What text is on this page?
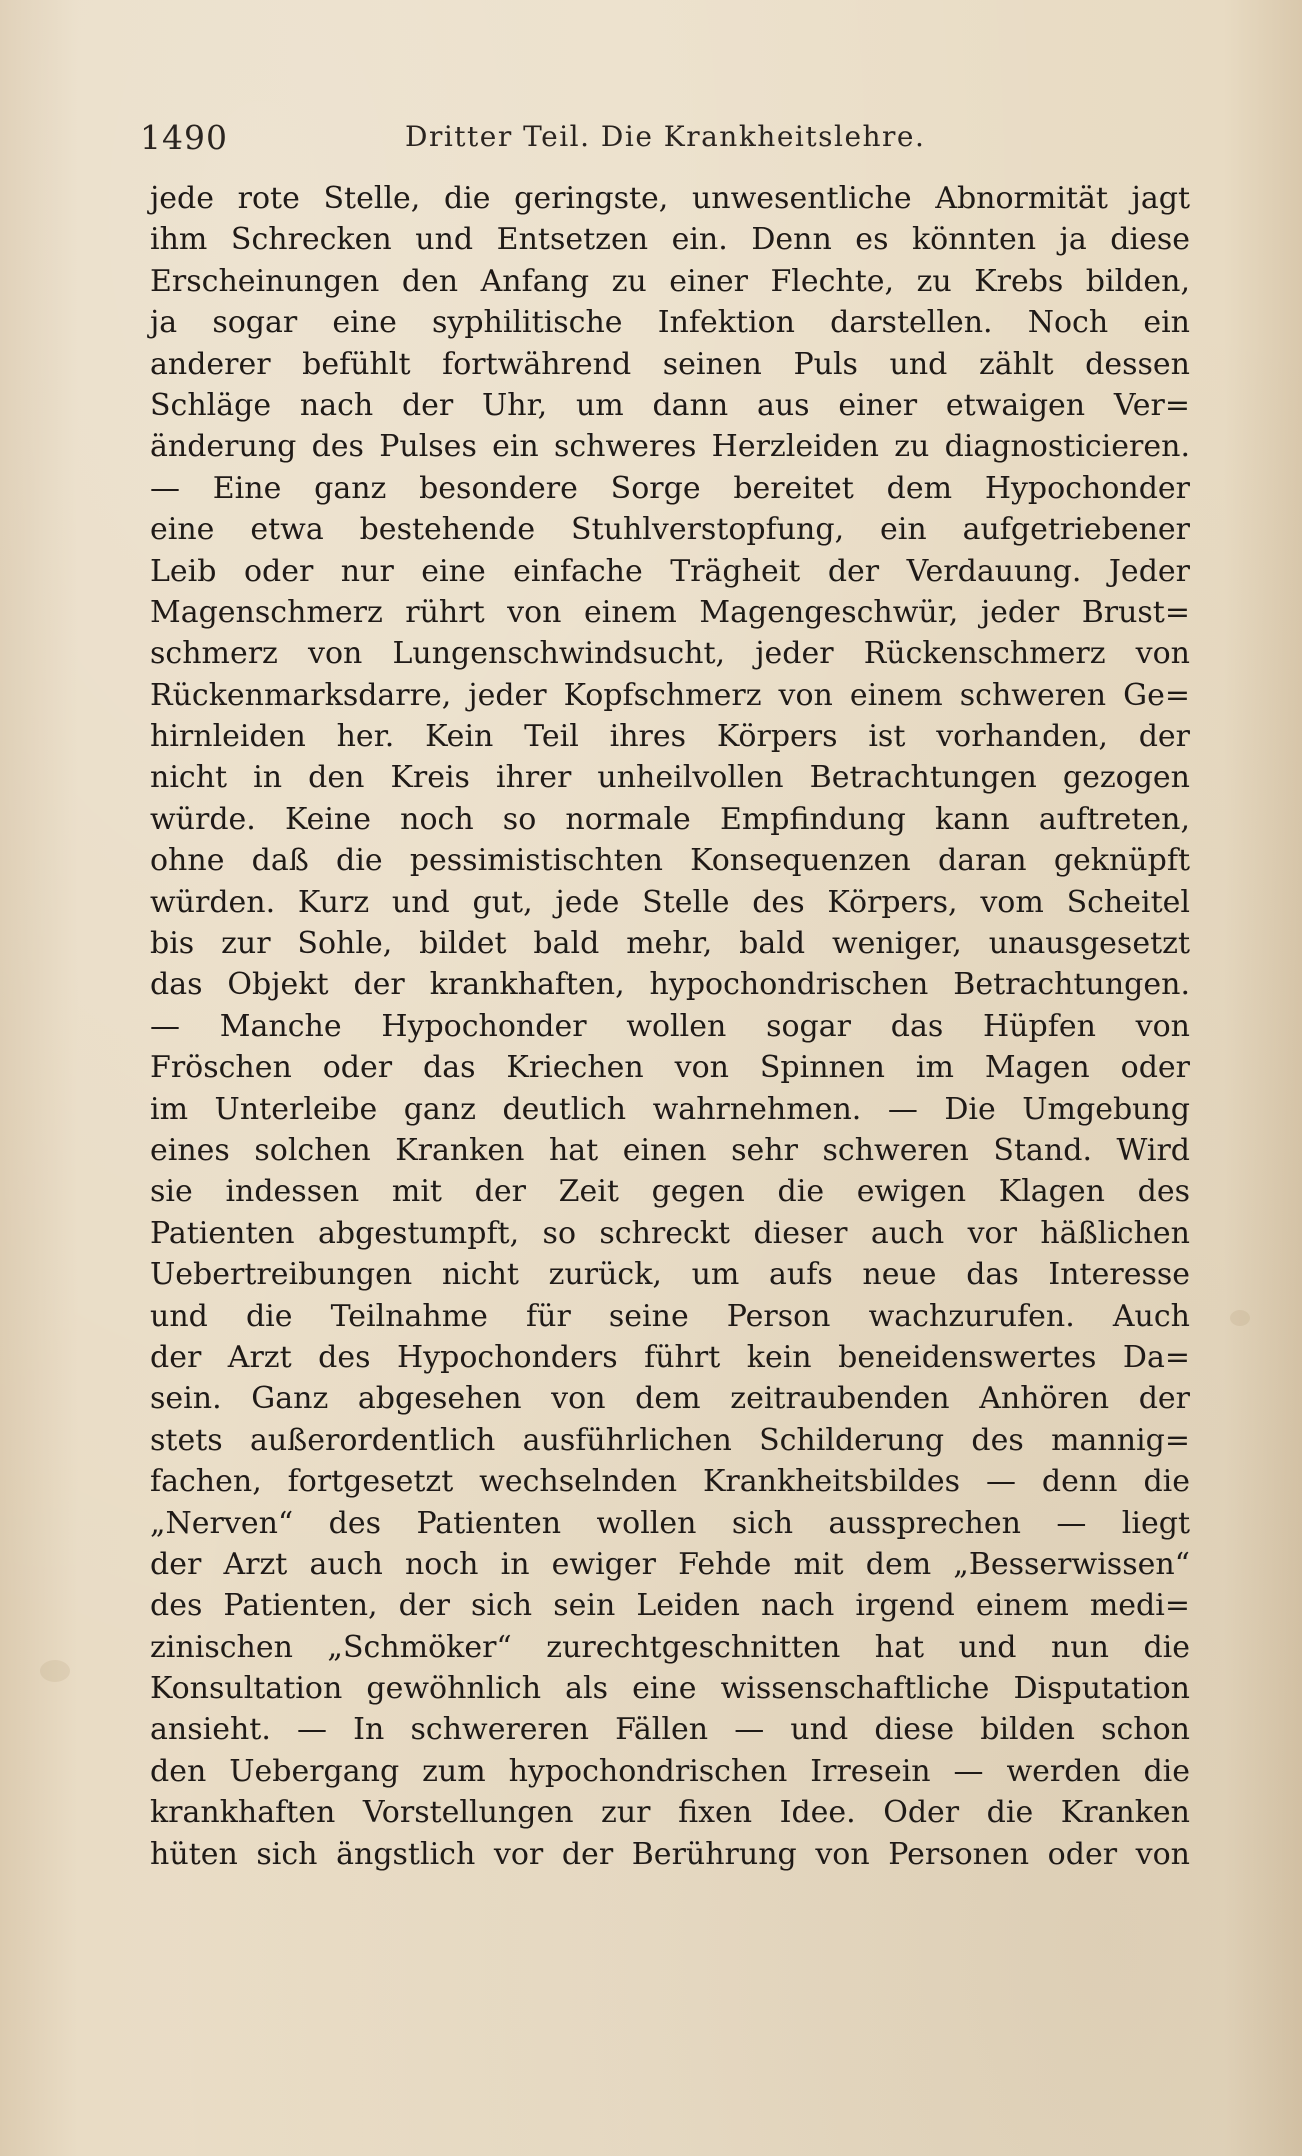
1490	Dritter Teil. Die Krankheitslehre.
jede rote Stelle, die geringste, unwesentliche Abnormität jagt
ihm Schrecken und Entsetzen ein. Denn es könnten ja diese
Erscheinungen den Anfang zu einer Flechte, zu Krebs bilden,
ja sogar eine syphilitische Infektion darstellen. Noch ein
anderer befühlt fortwährend seinen Puls und zählt dessen
Schläge nach der Uhr, um dann aus einer etwaigen Ver=
änderung des Pulses ein schweres Herzleiden zu diagnosticieren.
— Eine ganz besondere Sorge bereitet dem Hypochonder
eine etwa bestehende Stuhlverstopfung, ein aufgetriebener
Leib oder nur eine einfache Trägheit der Verdauung. Jeder
Magenschmerz rührt von einem Magengeschwür, jeder Brust=
schmerz von Lungenschwindsucht, jeder Rückenschmerz von
Rückenmarksdarre, jeder Kopfschmerz von einem schweren Ge=
hirnleiden her. Kein Teil ihres Körpers ist vorhanden, der
nicht in den Kreis ihrer unheilvollen Betrachtungen gezogen
würde. Keine noch so normale Empfindung kann auftreten,
ohne daß die pessimistischten Konsequenzen daran geknüpft
würden. Kurz und gut, jede Stelle des Körpers, vom Scheitel
bis zur Sohle, bildet bald mehr, bald weniger, unausgesetzt
das Objekt der krankhaften, hypochondrischen Betrachtungen.
— Manche Hypochonder wollen sogar das Hüpfen von
Fröschen oder das Kriechen von Spinnen im Magen oder
im Unterleibe ganz deutlich wahrnehmen. — Die Umgebung
eines solchen Kranken hat einen sehr schweren Stand. Wird
sie indessen mit der Zeit gegen die ewigen Klagen des
Patienten abgestumpft, so schreckt dieser auch vor häßlichen
Uebertreibungen nicht zurück, um aufs neue das Interesse
und die Teilnahme für seine Person wachzurufen. Auch
der Arzt des Hypochonders führt kein beneidenswertes Da=
sein. Ganz abgesehen von dem zeitraubenden Anhören der
stets außerordentlich ausführlichen Schilderung des mannig=
fachen, fortgesetzt wechselnden Krankheitsbildes — denn die
„Nerven“ des Patienten wollen sich aussprechen — liegt
der Arzt auch noch in ewiger Fehde mit dem „Besserwissen“
des Patienten, der sich sein Leiden nach irgend einem medi=
zinischen „Schmöker“ zurechtgeschnitten hat und nun die
Konsultation gewöhnlich als eine wissenschaftliche Disputation
ansieht. — In schwereren Fällen — und diese bilden schon
den Uebergang zum hypochondrischen Irresein — werden die
krankhaften Vorstellungen zur fixen Idee. Oder die Kranken
hüten sich ängstlich vor der Berührung von Personen oder von
